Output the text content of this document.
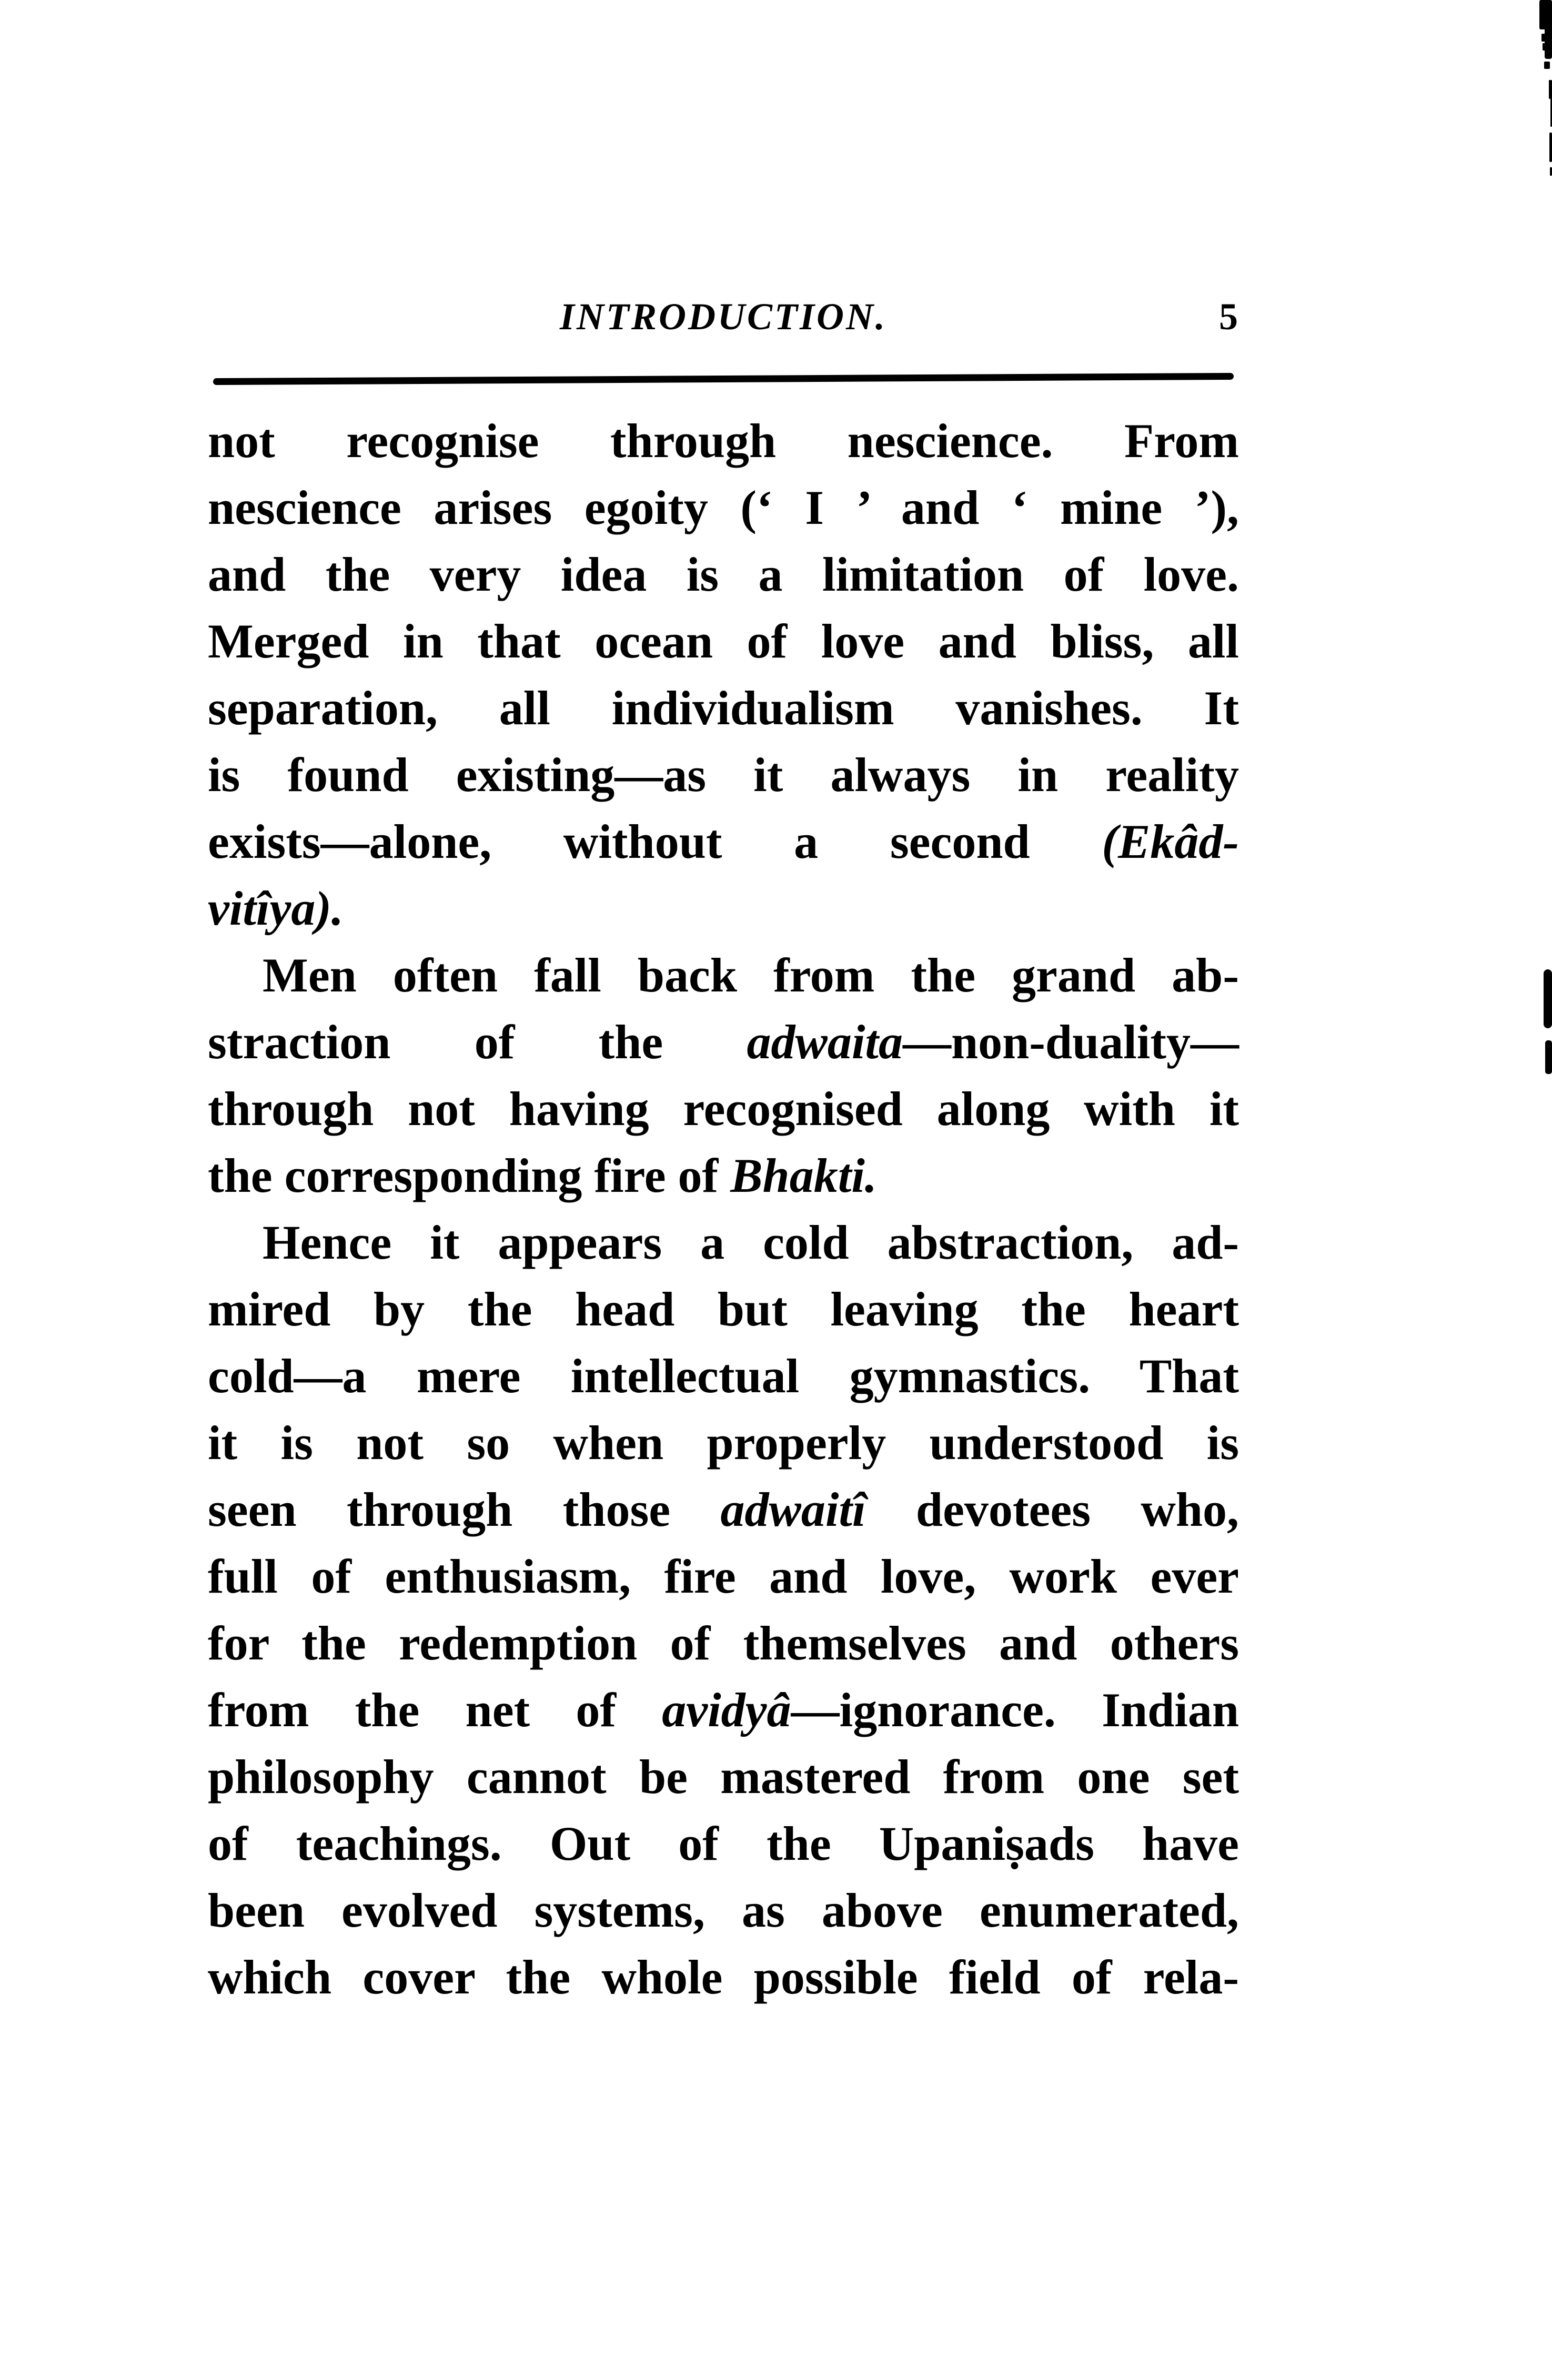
INTRODUCTION.	5
not recognise through nescience. From
nescience arises egoity (‘ I ’ and ‘ mine ’),
and the very idea is a limitation of love.
Merged in that ocean of love and bliss, all
separation, all individualism vanishes. It
is found existing—as it always in reality
exists—alone, without a second (Ekâd-
vitîya).
Men often fall back from the grand ab-
straction of the adwaita—non-duality—
through not having recognised along with it
the corresponding fire of Bhakti.
Hence it appears a cold abstraction, ad-
mired by the head but leaving the heart
cold—a mere intellectual gymnastics. That
it is not so when properly understood is
seen through those adwaitî devotees who,
full of enthusiasm, fire and love, work ever
for the redemption of themselves and others
from the net of avidyâ—ignorance. Indian
philosophy cannot be mastered from one set
of teachings. Out of the Upaniṣads have
been evolved systems, as above enumerated,
which cover the whole possible field of rela-
